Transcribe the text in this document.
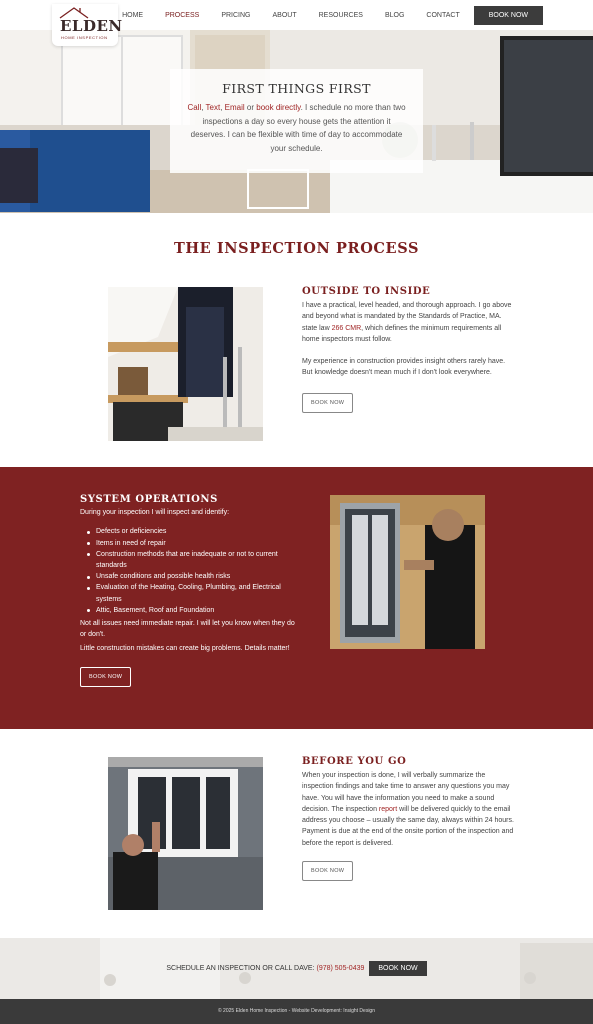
ELDEN
HOME INSPECTION
HOME	PROCESS	PRICING	ABOUT	RESOURCES	BLOG	CONTACT	BOOK NOW
FIRST THINGS FIRST

Call, Text, Email or book directly. I schedule no more than two inspections a day so every house gets the attention it deserves. I can be flexible with time of day to accommodate your schedule.

THE INSPECTION PROCESS
OUTSIDE TO INSIDE

I have a practical, level headed, and thorough approach. I go above and beyond what is mandated by the Standards of Practice, MA. state law 266 CMR, which defines the minimum requirements all home inspectors must follow.

My experience in construction provides insight others rarely have. But knowledge doesn't mean much if I don't look everywhere.

BOOK NOW
SYSTEM OPERATIONS

During your inspection I will inspect and identify:

Defects or deficiencies
Items in need of repair
Construction methods that are inadequate or not to current standards
Unsafe conditions and possible health risks
Evaluation of the Heating, Cooling, Plumbing, and Electrical systems
Attic, Basement, Roof and Foundation

Not all issues need immediate repair. I will let you know when they do or don't.

Little construction mistakes can create big problems. Details matter!

BOOK NOW
BEFORE YOU GO

When your inspection is done, I will verbally summarize the inspection findings and take time to answer any questions you may have. You will have the information you need to make a sound decision. The inspection report will be delivered quickly to the email address you choose – usually the same day, always within 24 hours. Payment is due at the end of the onsite portion of the inspection and before the report is delivered.

BOOK NOW
SCHEDULE AN INSPECTION OR CALL DAVE: (978) 505-0439 BOOK NOW
© 2025 Elden Home Inspection - Website Development: Insight Design
